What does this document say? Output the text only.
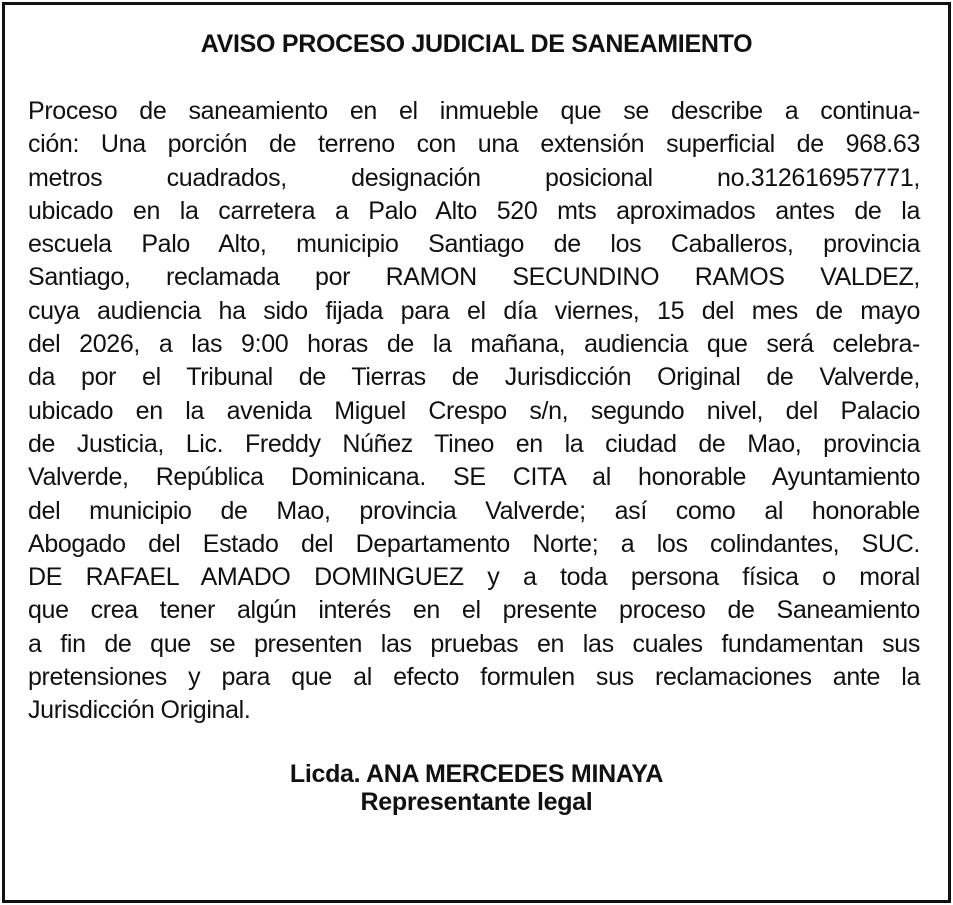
AVISO PROCESO JUDICIAL DE SANEAMIENTO

Proceso de saneamiento en el inmueble que se describe a continua-
ción: Una porción de terreno con una extensión superficial de 968.63
metros cuadrados, designación posicional no.312616957771,
ubicado en la carretera a Palo Alto 520 mts aproximados antes de la
escuela Palo Alto, municipio Santiago de los Caballeros, provincia
Santiago, reclamada por RAMON SECUNDINO RAMOS VALDEZ,
cuya audiencia ha sido fijada para el día viernes, 15 del mes de mayo
del 2026, a las 9:00 horas de la mañana, audiencia que será celebra-
da por el Tribunal de Tierras de Jurisdicción Original de Valverde,
ubicado en la avenida Miguel Crespo s/n, segundo nivel, del Palacio
de Justicia, Lic. Freddy Núñez Tineo en la ciudad de Mao, provincia
Valverde, República Dominicana. SE CITA al honorable Ayuntamiento
del municipio de Mao, provincia Valverde; así como al honorable
Abogado del Estado del Departamento Norte; a los colindantes, SUC.
DE RAFAEL AMADO DOMINGUEZ y a toda persona física o moral
que crea tener algún interés en el presente proceso de Saneamiento
a fin de que se presenten las pruebas en las cuales fundamentan sus
pretensiones y para que al efecto formulen sus reclamaciones ante la
Jurisdicción Original.

Licda. ANA MERCEDES MINAYA
Representante legal
